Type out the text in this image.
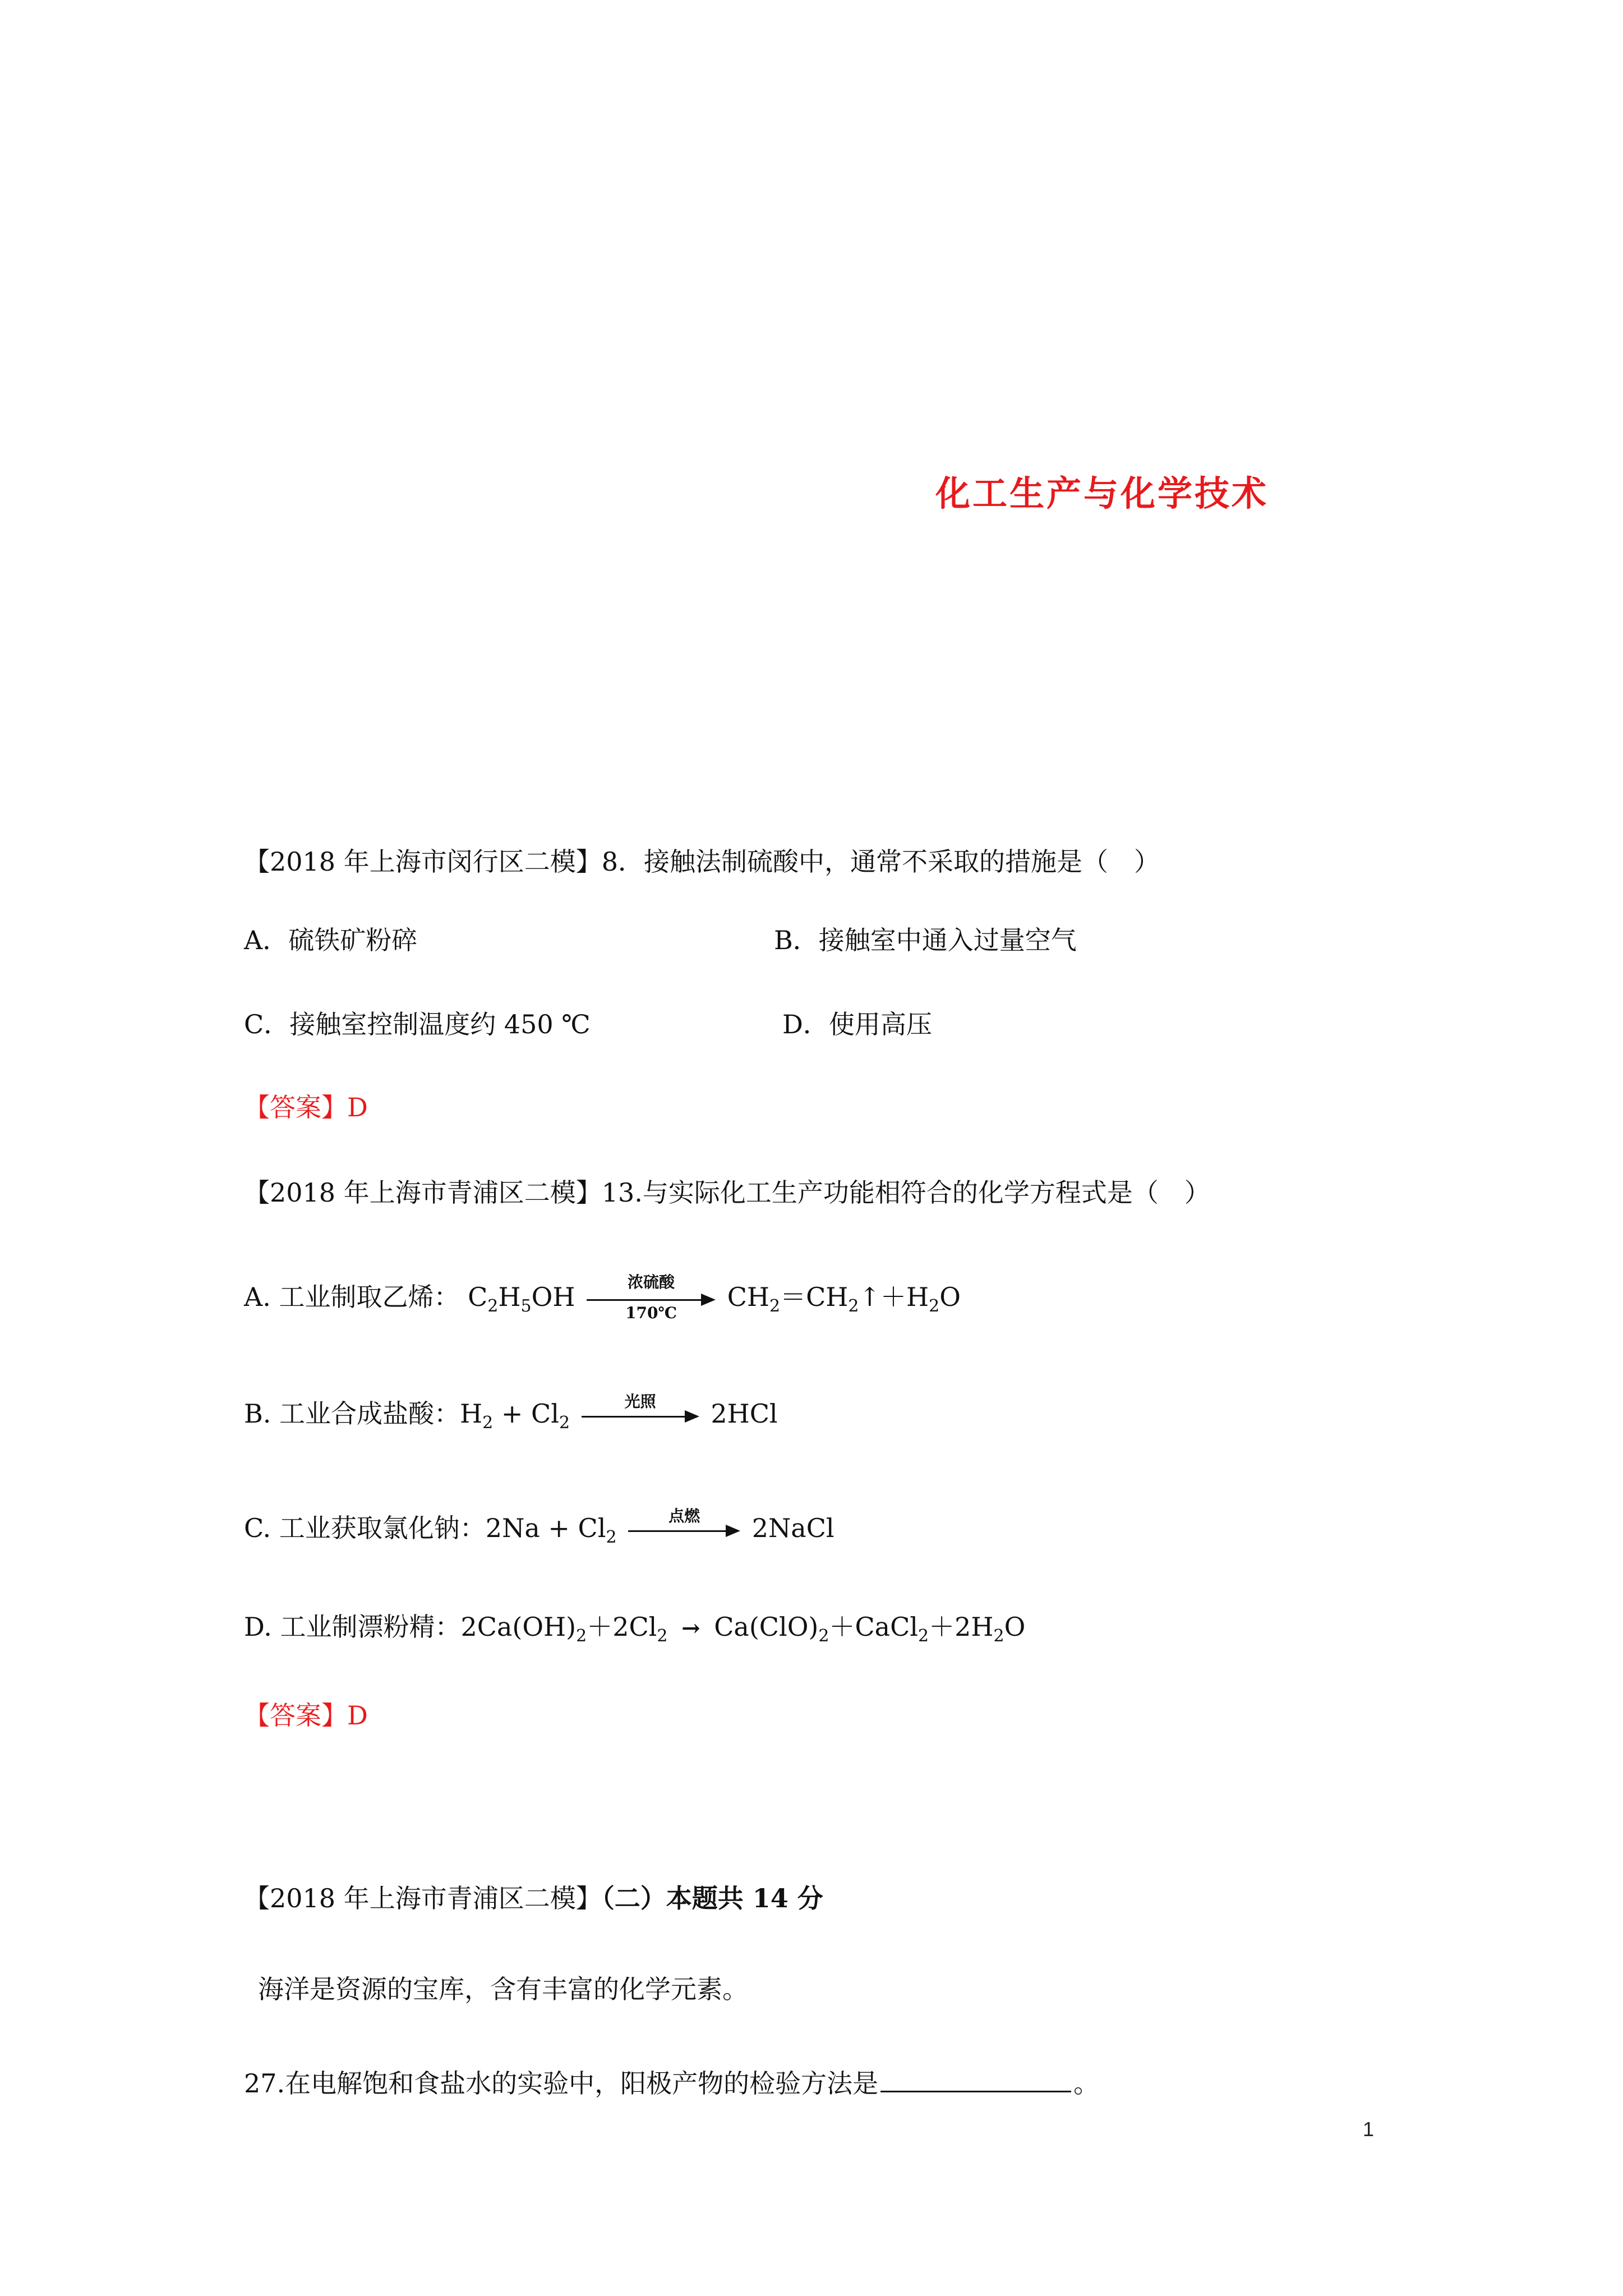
化工生产与化学技术
【2018 年上海市闵行区二模】8．接触法制硫酸中，通常不采取的措施是（　）
A．硫铁矿粉碎	B．接触室中通入过量空气
C．接触室控制温度约 450 ℃	D．使用高压
【答案】D
【2018 年上海市青浦区二模】13.与实际化工生产功能相符合的化学方程式是（　）
A. 工业制取乙烯： $C_2H_5OH$	浓硫酸
170℃
$CH_2=CH_2↑+H_2O$
B. 工业合成盐酸：$H_2 + Cl_2$
光照	2HCl
C. 工业获取氯化钠：$2Na + Cl_2$
点燃	2NaCl
D. 工业制漂粉精：$2Ca(OH)_2+2Cl_2$ → $Ca(ClO)_2+CaCl_2+2H_2O$
【答案】D
【2018 年上海市青浦区二模】（二）本题共 14 分
海洋是资源的宝库，含有丰富的化学元素。
27.在电解饱和食盐水的实验中，阳极产物的检验方法是	。
1
